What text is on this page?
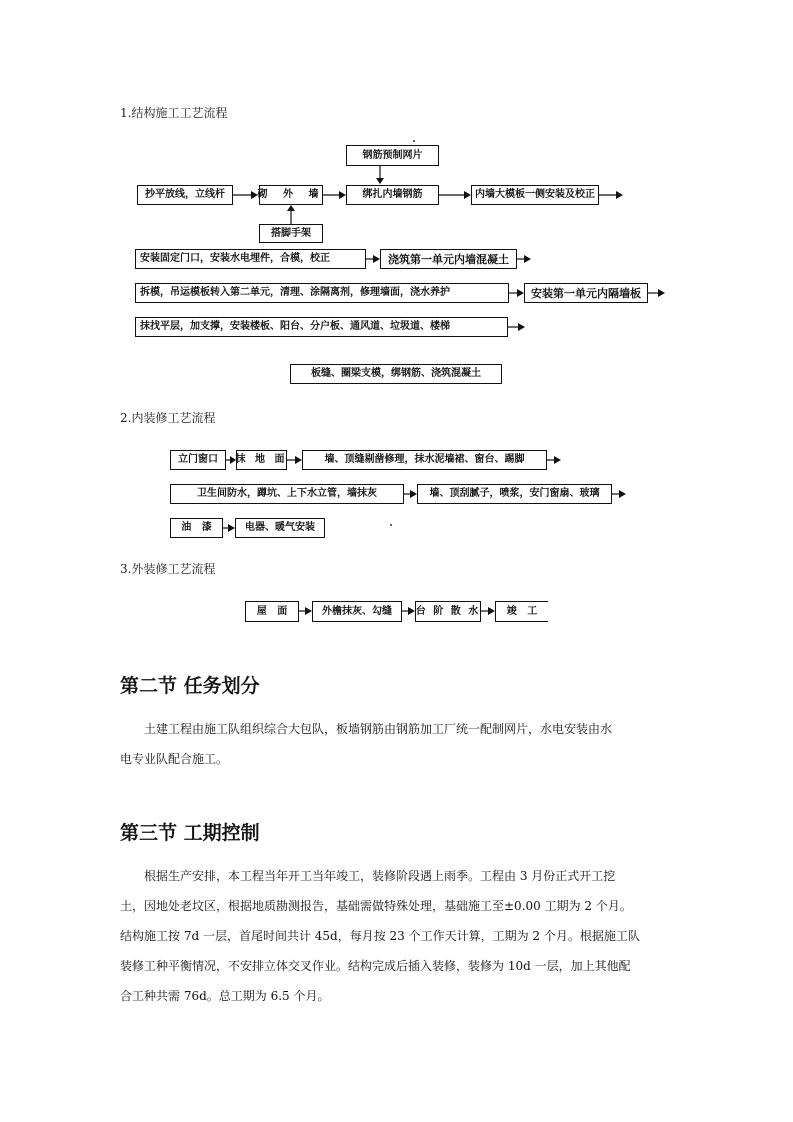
1.结构施工工艺流程
2.内装修工艺流程
3.外装修工艺流程
钢筋预制网片
抄平放线，立线杆	砌 外 墙	绑扎内墙钢筋	内墙大模板一侧安装及校正
搭脚手架
安装固定门口，安装水电埋件，合模，校正	浇筑第一单元内墙混凝土
拆模，吊运模板转入第二单元，清理、涂隔离剂，修理墙面，浇水养护	安装第一单元内隔墙板
抹找平层，加支撑，安装楼板、阳台、分户板、通风道、垃圾道、楼梯
板缝、圈梁支模，绑钢筋、浇筑混凝土
立门窗口	抹 地 面	墙、顶缝剔凿修理，抹水泥墙裙、窗台、踢脚
卫生间防水，蹲坑、上下水立管，墙抹灰	墙、顶刮腻子，喷浆，安门窗扇、玻璃
油   漆	电器、暖气安装
屋   面	外檐抹灰、勾缝	台 阶 散 水	竣   工
第二节 任务划分

土建工程由施工队组织综合大包队，板墙钢筋由钢筋加工厂统一配制网片，水电安装由水

电专业队配合施工。

第三节 工期控制

根据生产安排，本工程当年开工当年竣工，装修阶段遇上雨季。工程由 3 月份正式开工挖

土，因地处老坟区，根据地质勘测报告，基础需做特殊处理，基础施工至±0.00 工期为 2 个月。

结构施工按 7d 一层，首尾时间共计 45d，每月按 23 个工作天计算，工期为 2 个月。根据施工队

装修工种平衡情况，不安排立体交叉作业。结构完成后插入装修，装修为 10d 一层，加上其他配

合工种共需 76d。总工期为 6.5 个月。
